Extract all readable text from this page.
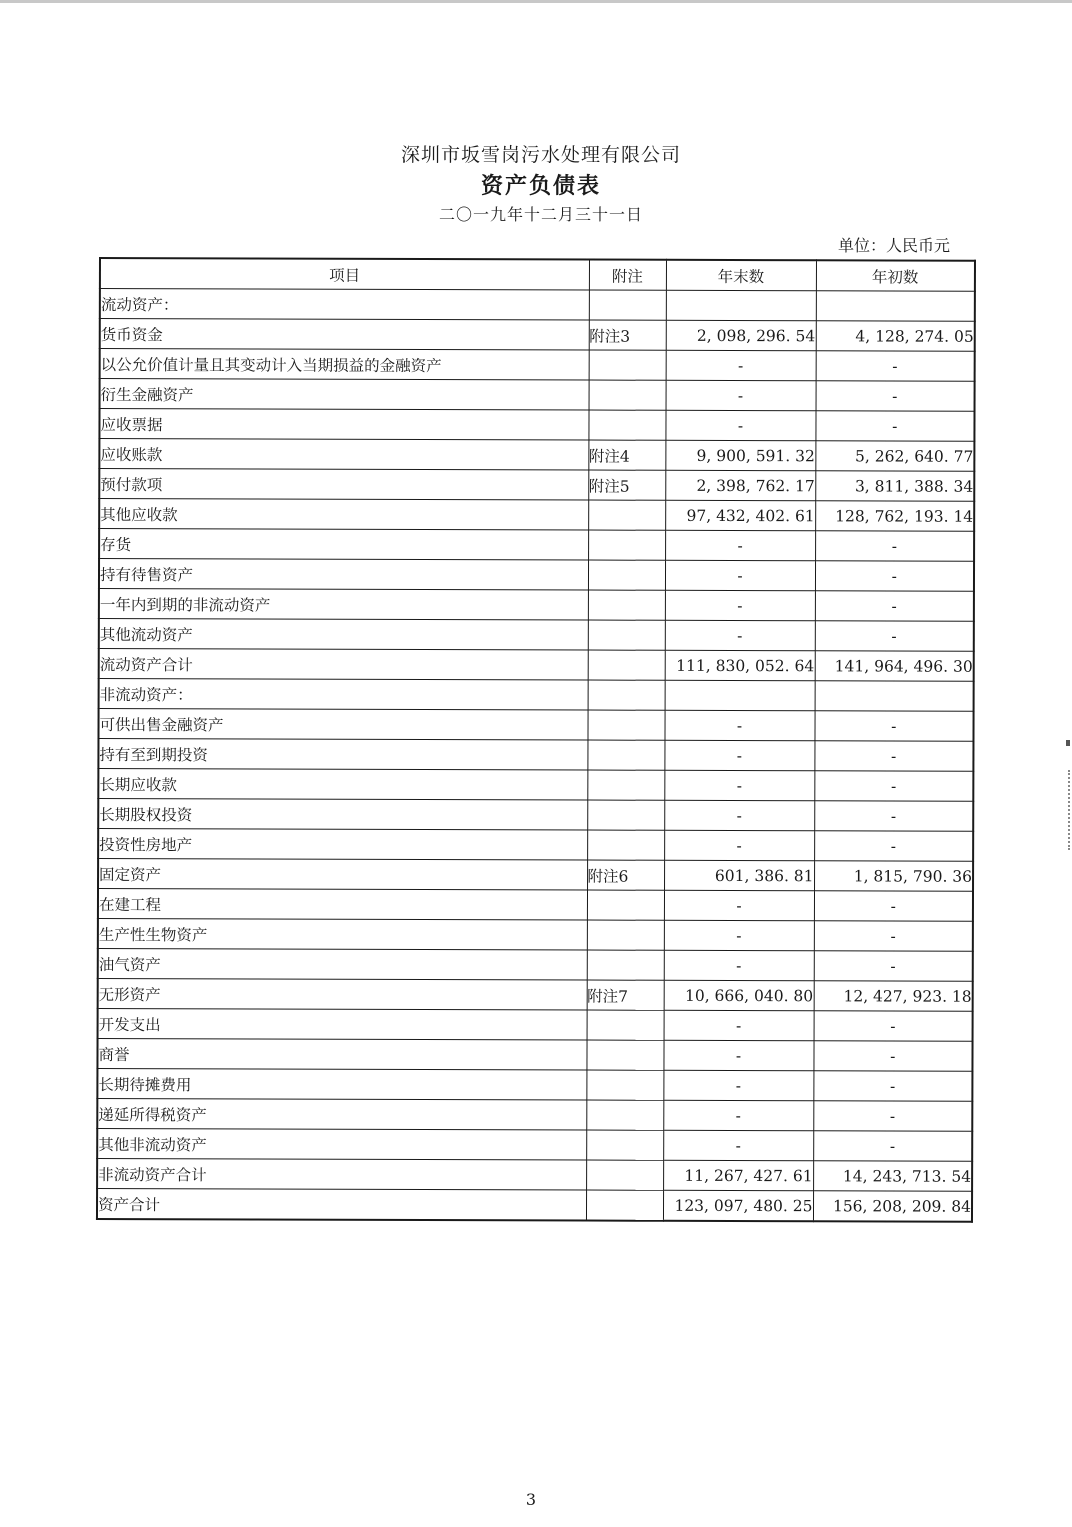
深圳市坂雪岗污水处理有限公司
资产负债表
二〇一九年十二月三十一日
单位：人民币元
项目	附注	年末数	年初数
流动资产：			
货币资金	附注3	2, 098, 296. 54	4, 128, 274. 05
以公允价值计量且其变动计入当期损益的金融资产		-	-
衍生金融资产		-	-
应收票据		-	-
应收账款	附注4	9, 900, 591. 32	5, 262, 640. 77
预付款项	附注5	2, 398, 762. 17	3, 811, 388. 34
其他应收款		97, 432, 402. 61	128, 762, 193. 14
存货		-	-
持有待售资产		-	-
一年内到期的非流动资产		-	-
其他流动资产		-	-
流动资产合计		111, 830, 052. 64	141, 964, 496. 30
非流动资产：			
可供出售金融资产		-	-
持有至到期投资		-	-
长期应收款		-	-
长期股权投资		-	-
投资性房地产		-	-
固定资产	附注6	601, 386. 81	1, 815, 790. 36
在建工程		-	-
生产性生物资产		-	-
油气资产		-	-
无形资产	附注7	10, 666, 040. 80	12, 427, 923. 18
开发支出		-	-
商誉		-	-
长期待摊费用		-	-
递延所得税资产		-	-
其他非流动资产		-	-
非流动资产合计		11, 267, 427. 61	14, 243, 713. 54
资产合计		123, 097, 480. 25	156, 208, 209. 84
3
